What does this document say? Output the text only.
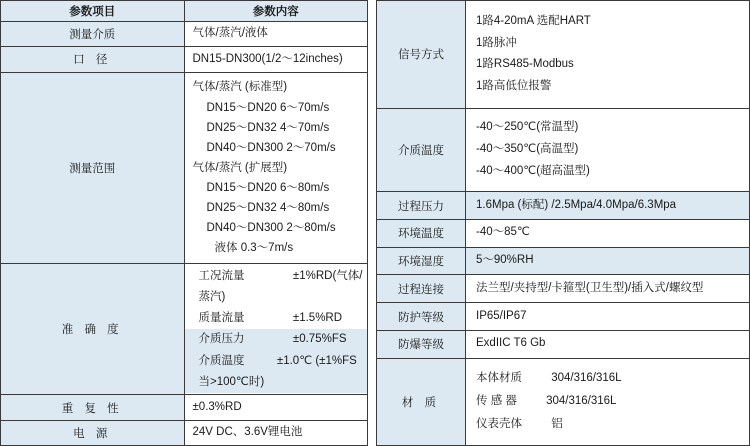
参数项目	参数内容
测量介质	气体/蒸汽/液体
口 径	DN15-DN300(1/2～12inches)
测量范围	气体/蒸汽 (标准型)
DN15～DN20 6～70m/s DN25～DN32 4～70m/s DN40～DN300 2～70m/s
气体/蒸汽 (扩展型)
DN15～DN20 6～80m/s DN25～DN32 4～80m/s DN40～DN300 2～80m/s 液体 0.3～7m/s

准 确 度	工况流量 ±1%RD(气体/蒸汽) 质量流量 ±1.5%RD
介质压力 ±0.75%FS
介质温度 ±1.0℃ (±1%FS当>100℃时)

重 复 性	±0.3%RD
电 源	24V DC、3.6V锂电池
信号方式	1路4-20mA 选配HART
1路脉冲
1路RS485-Modbus
1路高低位报警

介质温度	-40～250℃(常温型)
-40～350℃(高温型)
-40～400℃(超高温型)

过程压力	1.6Mpa (标配) /2.5Mpa/4.0Mpa/6.3Mpa
环境温度	-40～85℃
环境湿度	5～90%RH
过程连接	法兰型/夹持型/卡箍型(卫生型)/插入式/螺纹型
防护等级	IP65/IP67
防爆等级	ExdIIC T6 Gb
材 质	本体材质 304/316/316L
传 感 器 304/316/316L
仪表壳体 铝
